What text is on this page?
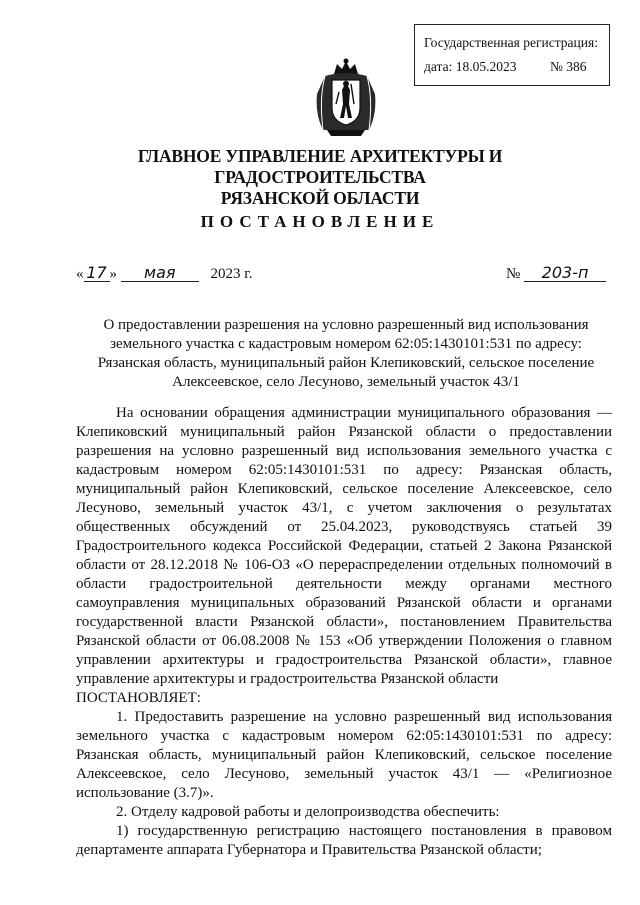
Государственная регистрация:
дата: 18.05.2023 № 386
ГЛАВНОЕ УПРАВЛЕНИЕ АРХИТЕКТУРЫ И ГРАДОСТРОИТЕЛЬСТВА
РЯЗАНСКОЙ ОБЛАСТИ
ПОСТАНОВЛЕНИЕ
« 17 » мая 2023 г.	№ 203-п
О предоставлении разрешения на условно разрешенный вид использования
земельного участка с кадастровым номером 62:05:1430101:531 по адресу:
Рязанская область, муниципальный район Клепиковский, сельское поселение
Алексеевское, село Лесуново, земельный участок 43/1

На основании обращения администрации муниципального образования — Клепиковский муниципальный район Рязанской области о предоставлении разрешения на условно разрешенный вид использования земельного участка с кадастровым номером 62:05:1430101:531 по адресу: Рязанская область, муниципальный район Клепиковский, сельское поселение Алексеевское, село Лесуново, земельный участок 43/1, с учетом заключения о результатах общественных обсуждений от 25.04.2023, руководствуясь статьей 39 Градостроительного кодекса Российской Федерации, статьей 2 Закона Рязанской области от 28.12.2018 № 106-ОЗ «О перераспределении отдельных полномочий в области градостроительной деятельности между органами местного самоуправления муниципальных образований Рязанской области и органами государственной власти Рязанской области», постановлением Правительства Рязанской области от 06.08.2008 № 153 «Об утверждении Положения о главном управлении архитектуры и градостроительства Рязанской области», главное управление архитектуры и градостроительства Рязанской области

ПОСТАНОВЛЯЕТ:

1. Предоставить разрешение на условно разрешенный вид использования земельного участка с кадастровым номером 62:05:1430101:531 по адресу: Рязанская область, муниципальный район Клепиковский, сельское поселение Алексеевское, село Лесуново, земельный участок 43/1 — «Религиозное использование (3.7)».

2. Отделу кадровой работы и делопроизводства обеспечить:

1) государственную регистрацию настоящего постановления в правовом департаменте аппарата Губернатора и Правительства Рязанской области;
